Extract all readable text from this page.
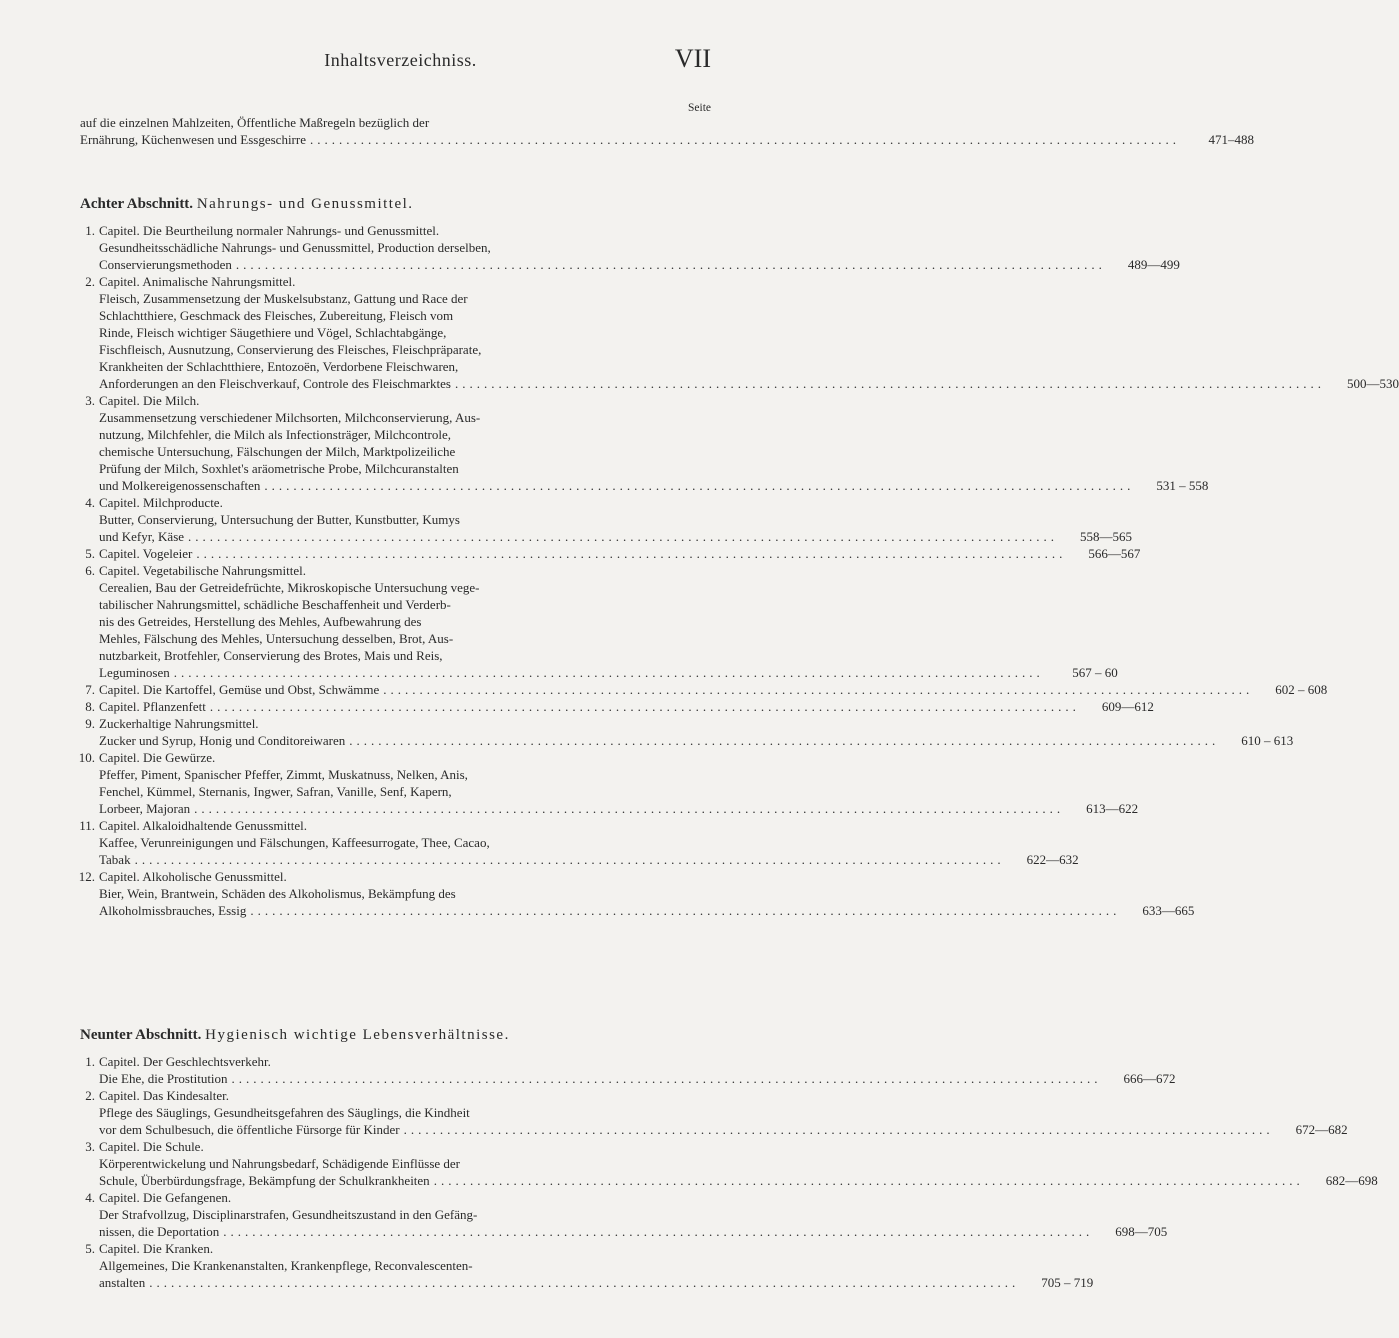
Inhaltsverzeichniss.	VII
Seite
auf die einzelnen Mahlzeiten, Öffentliche Maßregeln bezüglich der
Ernährung, Küchenwesen und Essgeschirre ........................................................................................................................	471–488
Achter Abschnitt. Nahrungs- und Genussmittel.
1. Capitel. Die Beurtheilung normaler Nahrungs- und Genussmittel.
Gesundheitsschädliche Nahrungs- und Genussmittel, Production derselben,
Conservierungsmethoden ........................................................................................................................	489—499
2. Capitel. Animalische Nahrungsmittel.
Fleisch, Zusammensetzung der Muskelsubstanz, Gattung und Race der
Schlachtthiere, Geschmack des Fleisches, Zubereitung, Fleisch vom
Rinde, Fleisch wichtiger Säugethiere und Vögel, Schlachtabgänge,
Fischfleisch, Ausnutzung, Conservierung des Fleisches, Fleischpräparate,
Krankheiten der Schlachtthiere, Entozoën, Verdorbene Fleischwaren,
Anforderungen an den Fleischverkauf, Controle des Fleischmarktes ........................................................................................................................	500—530
3. Capitel. Die Milch.
Zusammensetzung verschiedener Milchsorten, Milchconservierung, Aus-
nutzung, Milchfehler, die Milch als Infectionsträger, Milchcontrole,
chemische Untersuchung, Fälschungen der Milch, Marktpolizeiliche
Prüfung der Milch, Soxhlet's aräometrische Probe, Milchcuranstalten
und Molkereigenossenschaften ........................................................................................................................	531 – 558
4. Capitel. Milchproducte.
Butter, Conservierung, Untersuchung der Butter, Kunstbutter, Kumys
und Kefyr, Käse ........................................................................................................................	558—565
5. Capitel. Vogeleier ........................................................................................................................	566—567
6. Capitel. Vegetabilische Nahrungsmittel.
Cerealien, Bau der Getreidefrüchte, Mikroskopische Untersuchung vege-
tabilischer Nahrungsmittel, schädliche Beschaffenheit und Verderb-
nis des Getreides, Herstellung des Mehles, Aufbewahrung des
Mehles, Fälschung des Mehles, Untersuchung desselben, Brot, Aus-
nutzbarkeit, Brotfehler, Conservierung des Brotes, Mais und Reis,
Leguminosen ........................................................................................................................	567 – 60
7. Capitel. Die Kartoffel, Gemüse und Obst, Schwämme ........................................................................................................................	602 – 608
8. Capitel. Pflanzenfett ........................................................................................................................	609—612
9. Zuckerhaltige Nahrungsmittel.
Zucker und Syrup, Honig und Conditoreiwaren ........................................................................................................................	610 – 613
10. Capitel. Die Gewürze.
Pfeffer, Piment, Spanischer Pfeffer, Zimmt, Muskatnuss, Nelken, Anis,
Fenchel, Kümmel, Sternanis, Ingwer, Safran, Vanille, Senf, Kapern,
Lorbeer, Majoran ........................................................................................................................	613—622
11. Capitel. Alkaloidhaltende Genussmittel.
Kaffee, Verunreinigungen und Fälschungen, Kaffeesurrogate, Thee, Cacao,
Tabak ........................................................................................................................	622—632
12. Capitel. Alkoholische Genussmittel.
Bier, Wein, Brantwein, Schäden des Alkoholismus, Bekämpfung des
Alkoholmissbrauches, Essig ........................................................................................................................	633—665
Neunter Abschnitt. Hygienisch wichtige Lebensverhältnisse.
1. Capitel. Der Geschlechtsverkehr.
Die Ehe, die Prostitution ........................................................................................................................	666—672
2. Capitel. Das Kindesalter.
Pflege des Säuglings, Gesundheitsgefahren des Säuglings, die Kindheit
vor dem Schulbesuch, die öffentliche Fürsorge für Kinder ........................................................................................................................	672—682
3. Capitel. Die Schule.
Körperentwickelung und Nahrungsbedarf, Schädigende Einflüsse der
Schule, Überbürdungsfrage, Bekämpfung der Schulkrankheiten ........................................................................................................................	682—698
4. Capitel. Die Gefangenen.
Der Strafvollzug, Disciplinarstrafen, Gesundheitszustand in den Gefäng-
nissen, die Deportation ........................................................................................................................	698—705
5. Capitel. Die Kranken.
Allgemeines, Die Krankenanstalten, Krankenpflege, Reconvalescenten-
anstalten ........................................................................................................................	705 – 719
